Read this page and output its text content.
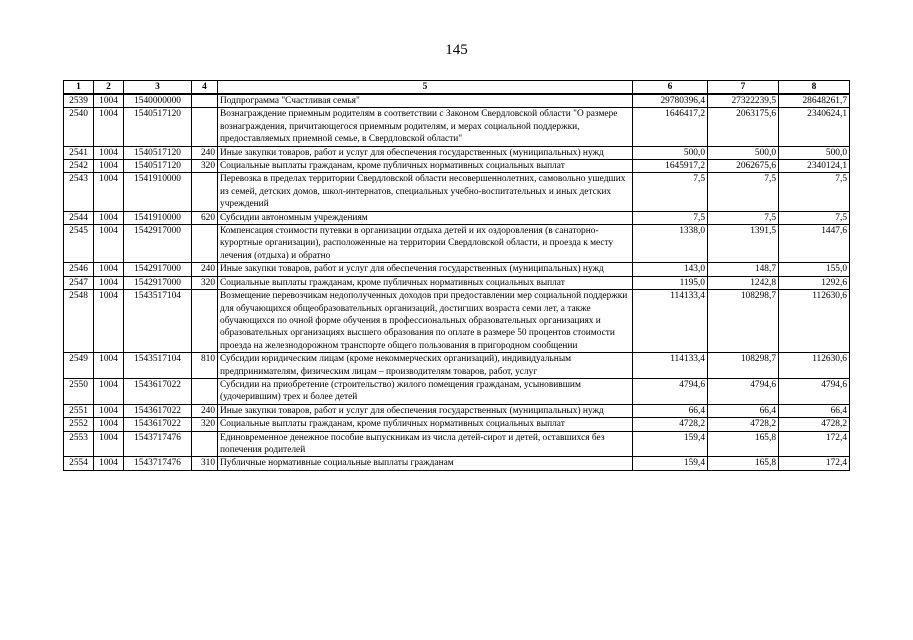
145
1	2	3	4	5	6	7	8
2539	1004	1540000000		Подпрограмма "Счастливая семья"	29780396,4	27322239,5	28648261,7
2540	1004	1540517120		Вознаграждение приемным родителям в соответствии с Законом Свердловской области "О размере вознаграждения, причитающегося приемным родителям, и мерах социальной поддержки, предоставляемых приемной семье, в Свердловской области"	1646417,2	2063175,6	2340624,1
2541	1004	1540517120	240	Иные закупки товаров, работ и услуг для обеспечения государственных (муниципальных) нужд	500,0	500,0	500,0
2542	1004	1540517120	320	Социальные выплаты гражданам, кроме публичных нормативных социальных выплат	1645917,2	2062675,6	2340124,1
2543	1004	1541910000		Перевозка в пределах территории Свердловской области несовершеннолетних, самовольно ушедших из семей, детских домов, школ-интернатов, специальных учебно-воспитательных и иных детских учреждений	7,5	7,5	7,5
2544	1004	1541910000	620	Субсидии автономным учреждениям	7,5	7,5	7,5
2545	1004	1542917000		Компенсация стоимости путевки в организации отдыха детей и их оздоровления (в санаторно-курортные организации), расположенные на территории Свердловской области, и проезда к месту лечения (отдыха) и обратно	1338,0	1391,5	1447,6
2546	1004	1542917000	240	Иные закупки товаров, работ и услуг для обеспечения государственных (муниципальных) нужд	143,0	148,7	155,0
2547	1004	1542917000	320	Социальные выплаты гражданам, кроме публичных нормативных социальных выплат	1195,0	1242,8	1292,6
2548	1004	1543517104		Возмещение перевозчикам недополученных доходов при предоставлении мер социальной поддержки для обучающихся общеобразовательных организаций, достигших возраста семи лет, а также обучающихся по очной форме обучения в профессиональных образовательных организациях и образовательных организациях высшего образования по оплате в размере 50 процентов стоимости проезда на железнодорожном транспорте общего пользования в пригородном сообщении	114133,4	108298,7	112630,6
2549	1004	1543517104	810	Субсидии юридическим лицам (кроме некоммерческих организаций), индивидуальным предпринимателям, физическим лицам – производителям товаров, работ, услуг	114133,4	108298,7	112630,6
2550	1004	1543617022		Субсидии на приобретение (строительство) жилого помещения гражданам, усыновившим (удочерившим) трех и более детей	4794,6	4794,6	4794,6
2551	1004	1543617022	240	Иные закупки товаров, работ и услуг для обеспечения государственных (муниципальных) нужд	66,4	66,4	66,4
2552	1004	1543617022	320	Социальные выплаты гражданам, кроме публичных нормативных социальных выплат	4728,2	4728,2	4728,2
2553	1004	1543717476		Единовременное денежное пособие выпускникам из числа детей-сирот и детей, оставшихся без попечения родителей	159,4	165,8	172,4
2554	1004	1543717476	310	Публичные нормативные социальные выплаты гражданам	159,4	165,8	172,4
